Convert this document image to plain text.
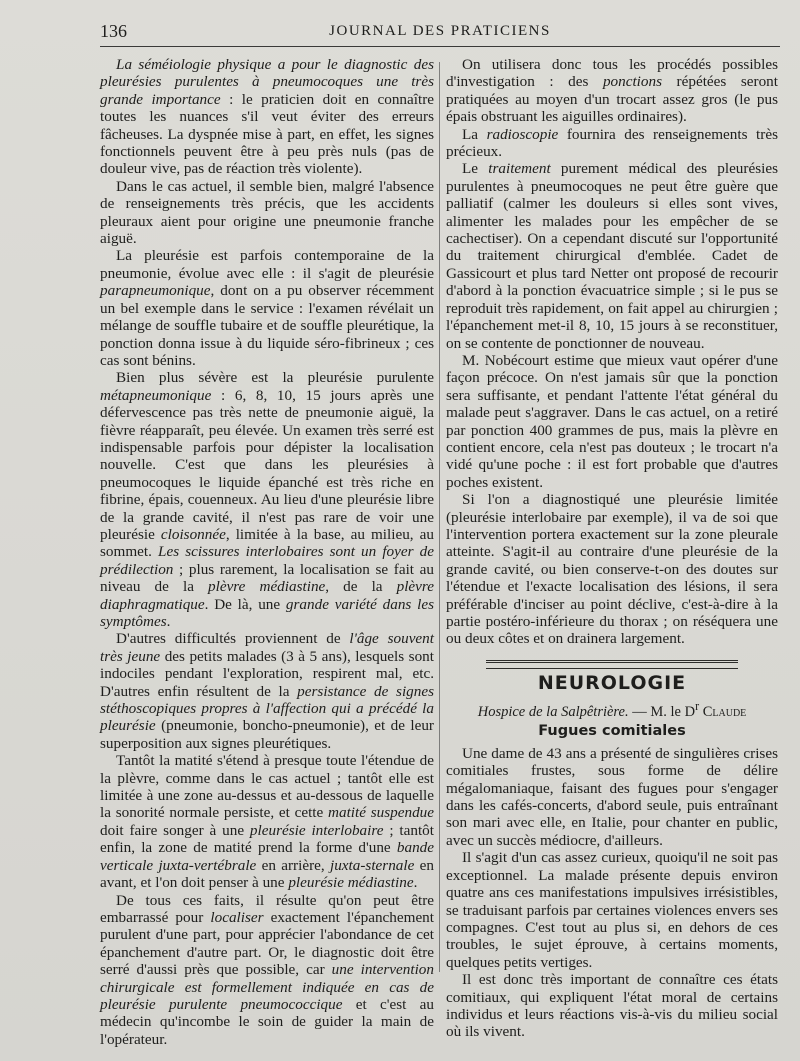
136	JOURNAL DES PRATICIENS

La séméiologie physique a pour le diagnostic des pleurésies purulentes à pneumocoques une très grande importance : le praticien doit en connaître toutes les nuances s'il veut éviter des erreurs fâcheuses. La dyspnée mise à part, en effet, les signes fonctionnels peuvent être à peu près nuls (pas de douleur vive, pas de réaction très violente).

Dans le cas actuel, il semble bien, malgré l'absence de renseignements très précis, que les accidents pleuraux aient pour origine une pneumonie franche aiguë.

La pleurésie est parfois contemporaine de la pneumonie, évolue avec elle : il s'agit de pleurésie parapneumonique, dont on a pu observer récemment un bel exemple dans le service : l'examen révélait un mélange de souffle tubaire et de souffle pleurétique, la ponction donna issue à du liquide séro-fibrineux ; ces cas sont bénins.

Bien plus sévère est la pleurésie purulente métapneumonique : 6, 8, 10, 15 jours après une défervescence pas très nette de pneumonie aiguë, la fièvre réapparaît, peu élevée. Un examen très serré est indispensable parfois pour dépister la localisation nouvelle. C'est que dans les pleurésies à pneumocoques le liquide épanché est très riche en fibrine, épais, couenneux. Au lieu d'une pleurésie libre de la grande cavité, il n'est pas rare de voir une pleurésie cloisonnée, limitée à la base, au milieu, au sommet. Les scissures interlobaires sont un foyer de prédilection ; plus rarement, la localisation se fait au niveau de la plèvre médiastine, de la plèvre diaphragmatique. De là, une grande variété dans les symptômes.

D'autres difficultés proviennent de l'âge souvent très jeune des petits malades (3 à 5 ans), lesquels sont indociles pendant l'exploration, respirent mal, etc. D'autres enfin résultent de la persistance de signes stéthoscopiques propres à l'affection qui a précédé la pleurésie (pneumonie, boncho-pneumonie), et de leur superposition aux signes pleurétiques.

Tantôt la matité s'étend à presque toute l'étendue de la plèvre, comme dans le cas actuel ; tantôt elle est limitée à une zone au-dessus et au-dessous de laquelle la sonorité normale persiste, et cette matité suspendue doit faire songer à une pleurésie interlobaire ; tantôt enfin, la zone de matité prend la forme d'une bande verticale juxta-vertébrale en arrière, juxta-sternale en avant, et l'on doit penser à une pleurésie médiastine.

De tous ces faits, il résulte qu'on peut être embarrassé pour localiser exactement l'épanchement purulent d'une part, pour apprécier l'abondance de cet épanchement d'autre part. Or, le diagnostic doit être serré d'aussi près que possible, car une intervention chirurgicale est formellement indiquée en cas de pleurésie purulente pneumococcique et c'est au médecin qu'incombe le soin de guider la main de l'opérateur.

On utilisera donc tous les procédés possibles d'investigation : des ponctions répétées seront pratiquées au moyen d'un trocart assez gros (le pus épais obstruant les aiguilles ordinaires).

La radioscopie fournira des renseignements très précieux.

Le traitement purement médical des pleurésies purulentes à pneumocoques ne peut être guère que palliatif (calmer les douleurs si elles sont vives, alimenter les malades pour les empêcher de se cachectiser). On a cependant discuté sur l'opportunité du traitement chirurgical d'emblée. Cadet de Gassicourt et plus tard Netter ont proposé de recourir d'abord à la ponction évacuatrice simple ; si le pus se reproduit très rapidement, on fait appel au chirurgien ; l'épanchement met-il 8, 10, 15 jours à se reconstituer, on se contente de ponctionner de nouveau.

M. Nobécourt estime que mieux vaut opérer d'une façon précoce. On n'est jamais sûr que la ponction sera suffisante, et pendant l'attente l'état général du malade peut s'aggraver. Dans le cas actuel, on a retiré par ponction 400 grammes de pus, mais la plèvre en contient encore, cela n'est pas douteux ; le trocart n'a vidé qu'une poche : il est fort probable que d'autres poches existent.

Si l'on a diagnostiqué une pleurésie limitée (pleurésie interlobaire par exemple), il va de soi que l'intervention portera exactement sur la zone pleurale atteinte. S'agit-il au contraire d'une pleurésie de la grande cavité, ou bien conserve-t-on des doutes sur l'étendue et l'exacte localisation des lésions, il sera préférable d'inciser au point déclive, c'est-à-dire à la partie postéro-inférieure du thorax ; on réséquera une ou deux côtes et on drainera largement.

NEUROLOGIE
Hospice de la Salpêtrière. — M. le $D^r$ Claude
Fugues comitiales

Une dame de 43 ans a présenté de singulières crises comitiales frustes, sous forme de délire mégalomaniaque, faisant des fugues pour s'engager dans les cafés-concerts, d'abord seule, puis entraînant son mari avec elle, en Italie, pour chanter en public, avec un succès médiocre, d'ailleurs.

Il s'agit d'un cas assez curieux, quoiqu'il ne soit pas exceptionnel. La malade présente depuis environ quatre ans ces manifestations impulsives irrésistibles, se traduisant parfois par certaines violences envers ses compagnes. C'est tout au plus si, en dehors de ces troubles, le sujet éprouve, à certains moments, quelques petits vertiges.

Il est donc très important de connaître ces états comitiaux, qui expliquent l'état moral de certains individus et leurs réactions vis-à-vis du milieu social où ils vivent.
